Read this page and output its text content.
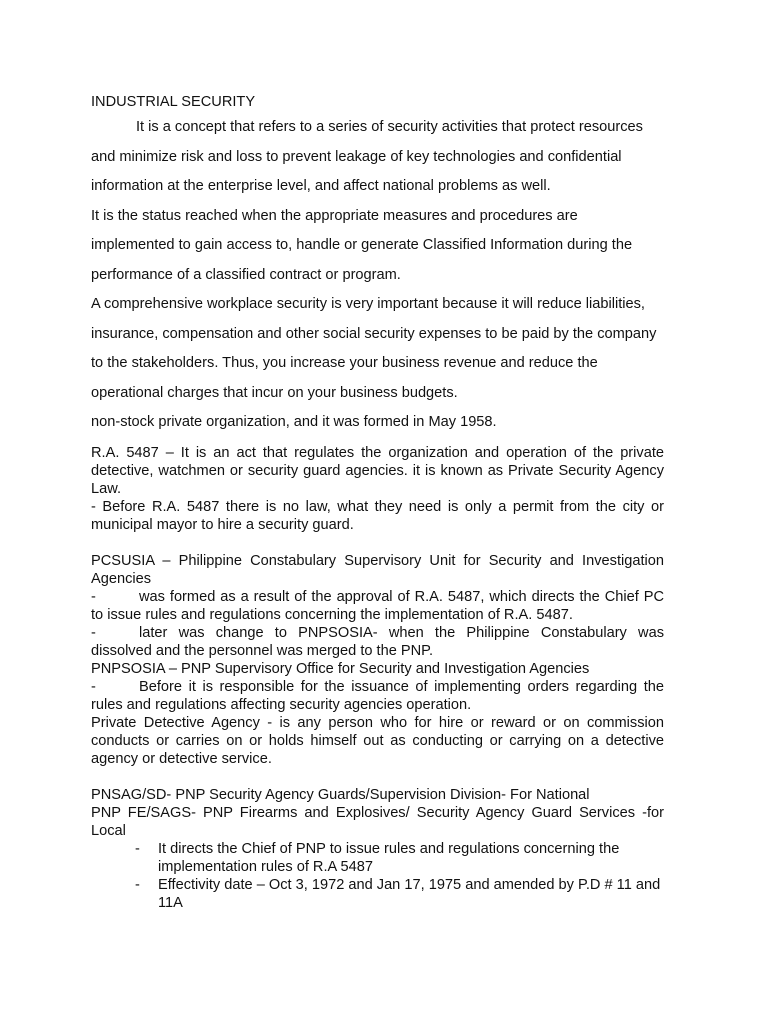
INDUSTRIAL SECURITY

It is a concept that refers to a series of security activities that protect resources and minimize risk and loss to prevent leakage of key technologies and confidential information at the enterprise level, and affect national problems as well.

It is the status reached when the appropriate measures and procedures are implemented to gain access to, handle or generate Classified Information during the performance of a classified contract or program.

A comprehensive workplace security is very important because it will reduce liabilities, insurance, compensation and other social security expenses to be paid by the company to the stakeholders. Thus, you increase your business revenue and reduce the operational charges that incur on your business budgets.

non-stock private organization, and it was formed in May 1958.

R.A. 5487 – It is an act that regulates the organization and operation of the private detective, watchmen or security guard agencies. it is known as Private Security Agency Law.

- Before R.A. 5487 there is no law, what they need is only a permit from the city or municipal mayor to hire a security guard.

PCSUSIA – Philippine Constabulary Supervisory Unit for Security and Investigation Agencies

-	was formed as a result of the approval of R.A. 5487, which directs the Chief PC to issue rules and regulations concerning the implementation of R.A. 5487.

-	later was change to PNPSOSIA- when the Philippine Constabulary was dissolved and the personnel was merged to the PNP.

PNPSOSIA – PNP Supervisory Office for Security and Investigation Agencies

-	Before it is responsible for the issuance of implementing orders regarding the rules and regulations affecting security agencies operation.

Private Detective Agency - is any person who for hire or reward or on commission conducts or carries on or holds himself out as conducting or carrying on a detective agency or detective service.

PNSAG/SD- PNP Security Agency Guards/Supervision Division- For National

PNP FE/SAGS- PNP Firearms and Explosives/ Security Agency Guard Services -for Local

- It directs the Chief of PNP to issue rules and regulations concerning the implementation rules of R.A 5487
- Effectivity date – Oct 3, 1972 and Jan 17, 1975 and amended by P.D # 11 and 11A
